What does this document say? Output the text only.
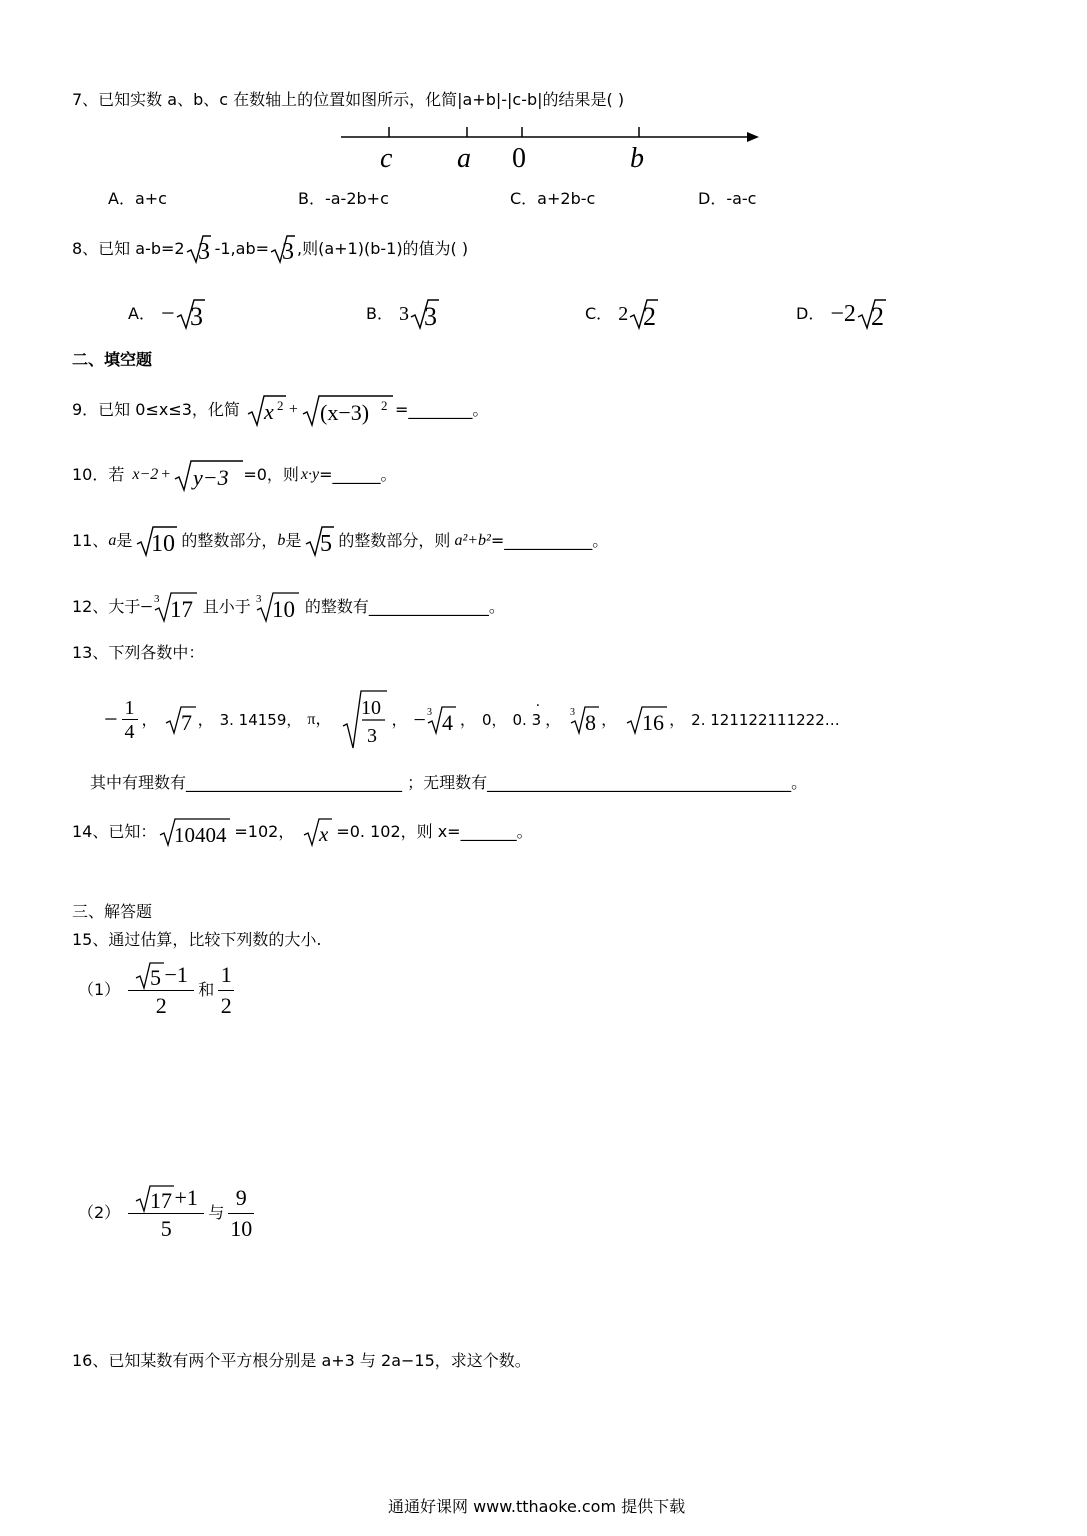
7、已知实数 a、b、c 在数轴上的位置如图所示，化简|a+b|-|c-b|的结果是( )
c a 0	b
A．a+c	B．-a-2b+c	C．a+2b-c	D．-a-c
8、已知 a-b=2 3 -1,ab= 3 ,则(a+1)(b-1)的值为( )
A． − 3	B． 3 3	C． 2 2	D． −2 2
二、填空题
9．已知 0≤x≤3，化简 x 2 + (x−3) 2 =________。
10．若 x−2 + y−3 =0，则 x·y =______。
11、 a 是 10 的整数部分， b 是 5 的整数部分，则 a²+b² =___________。
12、大于 − 3 17 且小于 3 10 的整数有_______________。
13、下列各数中：
− 1
4
， 7 ， 3. 14159， π，
10
3
， − 3 4 ， 0， 0. 3
·
， 3 8 ， 16 ， 2. 121122111222…
其中有理数有___________________________ ；无理数有______________________________________。
14、已知： 10404 =102， x =0. 102，则 x=_______。
三、解答题
15、通过估算，比较下列数的大小.
（1） 5 −1
2
和
1
2
（2） 17 +1
5
与
9
10
16、已知某数有两个平方根分别是 a+3 与 2a−15，求这个数。
通通好课网 www.tthaoke.com 提供下载
